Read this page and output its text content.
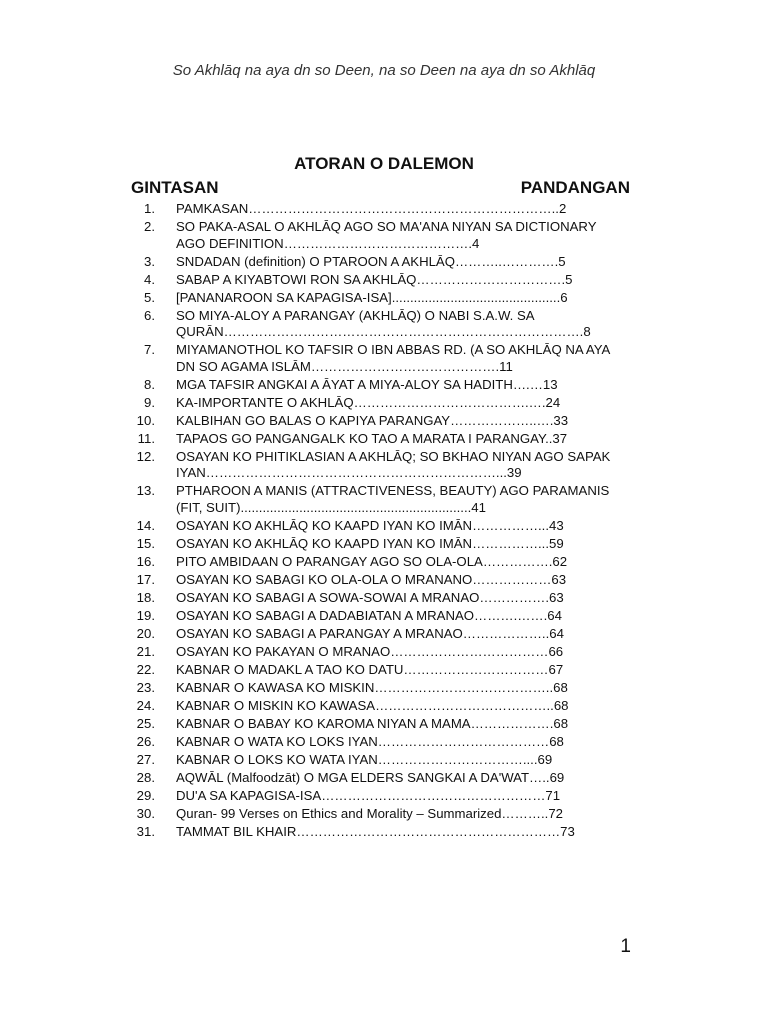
So Akhlāq na aya dn so Deen, na so Deen na aya dn so Akhlāq
ATORAN O DALEMON
GINTASAN	PANDANGAN
1.	PAMKASAN……………………………………………………………..2
2.	SO PAKA-ASAL O AKHLĀQ AGO SO MA'ANA NIYAN SA DICTIONARY AGO DEFINITION…………………………………….4
3.	SNDADAN (definition) O PTAROON A AKHLĀQ………..………….5
4.	SABAP A KIYABTOWI RON SA AKHLĀQ…………………………….5
5.	[PANANAROON SA KAPAGISA-ISA]..............................................6
6.	SO MIYA-ALOY A PARANGAY (AKHLĀQ) O NABI S.A.W. SA QURĀN……………………………………………………………………….8
7.	MIYAMANOTHOL KO TAFSIR O IBN ABBAS RD. (A SO AKHLĀQ NA AYA DN SO AGAMA ISLĀM…………………………………….11
8.	MGA TAFSIR ANGKAI A ĀYAT A MIYA-ALOY SA HADITH….…13
9.	KA-IMPORTANTE O AKHLĀQ………………………………….….24
10.	KALBIHAN GO BALAS O KAPIYA PARANGAY………………..….33
11.	TAPAOS GO PANGANGALK KO TAO A MARATA I PARANGAY..37
12.	OSAYAN KO PHITIKLASIAN A AKHLĀQ; SO BKHAO NIYAN AGO SAPAK IYAN…………………………………………………………...39
13.	PTHAROON A MANIS (ATTRACTIVENESS, BEAUTY) AGO PARAMANIS (FIT, SUIT)...............................................................41
14.	OSAYAN KO AKHLĀQ KO KAAPD IYAN KO IMĀN……………...43
15.	OSAYAN KO AKHLĀQ KO KAAPD IYAN KO IMĀN……………...59
16.	PITO AMBIDAAN O PARANGAY AGO SO OLA-OLA…………….62
17.	OSAYAN KO SABAGI KO OLA-OLA O MRANANO………………63
18.	OSAYAN KO SABAGI A SOWA-SOWAI A MRANAO…………….63
19.	OSAYAN KO SABAGI A DADABIATAN A MRANAO……….…….64
20.	OSAYAN KO SABAGI A PARANGAY A MRANAO………………..64
21.	OSAYAN KO PAKAYAN O MRANAO………………………………66
22.	KABNAR O MADAKL A TAO KO DATU……………………………67
23.	KABNAR O KAWASA KO MISKIN…………………………………..68
24.	KABNAR O MISKIN KO KAWASA…………………………………..68
25.	KABNAR O BABAY KO KAROMA NIYAN A MAMA……………….68
26.	KABNAR O WATA KO LOKS IYAN…………………………………68
27.	KABNAR O LOKS KO WATA IYAN……………………………....69
28.	AQWĀL (Malfoodzāt) O MGA ELDERS SANGKAI A DA'WAT…..69
29.	DU'A SA KAPAGISA-ISA……………………………………………71
30.	Quran- 99 Verses on Ethics and Morality – Summarized………..72
31.	TAMMAT BIL KHAIR……………………………………………………73
1
